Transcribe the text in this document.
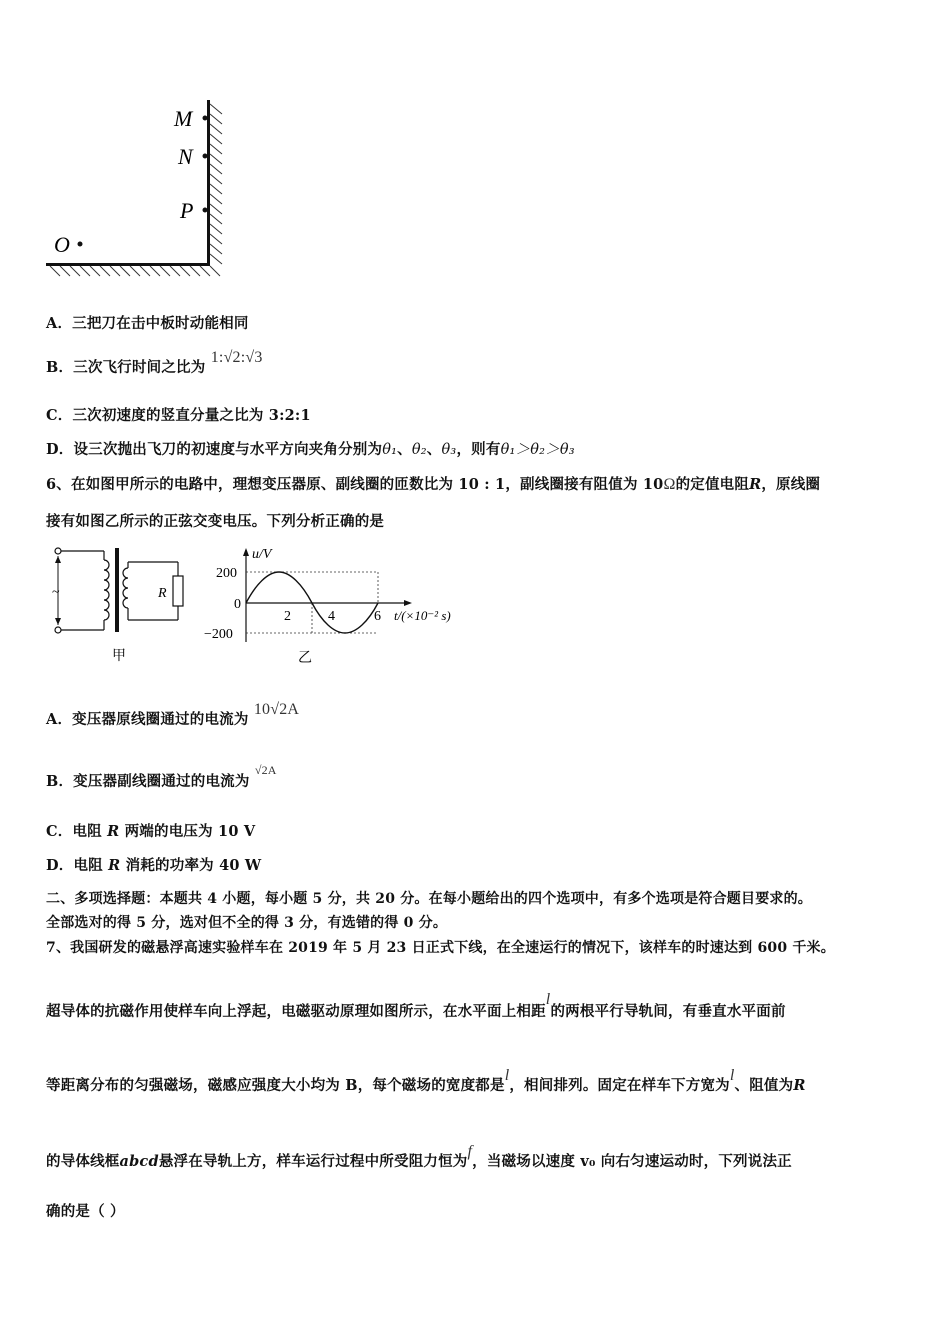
M
N
P
O
A．三把刀在击中板时动能相同
B．三次飞行时间之比为 1:√2:√3
C．三次初速度的竖直分量之比为 3:2:1
D．设三次抛出飞刀的初速度与水平方向夹角分别为θ₁、θ₂、θ₃，则有θ₁＞θ₂＞θ₃
6、在如图甲所示的电路中，理想变压器原、副线圈的匝数比为 10 : 1，副线圈接有阻值为 10Ω的定值电阻R，原线圈
接有如图乙所示的正弦交变电压。下列分析正确的是
~	R
甲
u/V
200
0
−200
2	4	6 t/(×10⁻² s)
乙
A．变压器原线圈通过的电流为 10√2A
B．变压器副线圈通过的电流为 $^{√2A}$
C．电阻 R 两端的电压为 10 V
D．电阻 R 消耗的功率为 40 W
二、多项选择题：本题共 4 小题，每小题 5 分，共 20 分。在每小题给出的四个选项中，有多个选项是符合题目要求的。
全部选对的得 5 分，选对但不全的得 3 分，有选错的得 0 分。
7、我国研发的磁悬浮高速实验样车在 2019 年 5 月 23 日正式下线，在全速运行的情况下，该样车的时速达到 600 千米。
超导体的抗磁作用使样车向上浮起，电磁驱动原理如图所示，在水平面上相距l的两根平行导轨间，有垂直水平面前
等距离分布的匀强磁场，磁感应强度大小均为 B，每个磁场的宽度都是l，相间排列。固定在样车下方宽为l、阻值为R
的导体线框abcd悬浮在导轨上方，样车运行过程中所受阻力恒为f，当磁场以速度 v₀ 向右匀速运动时，下列说法正
确的是（ ）
